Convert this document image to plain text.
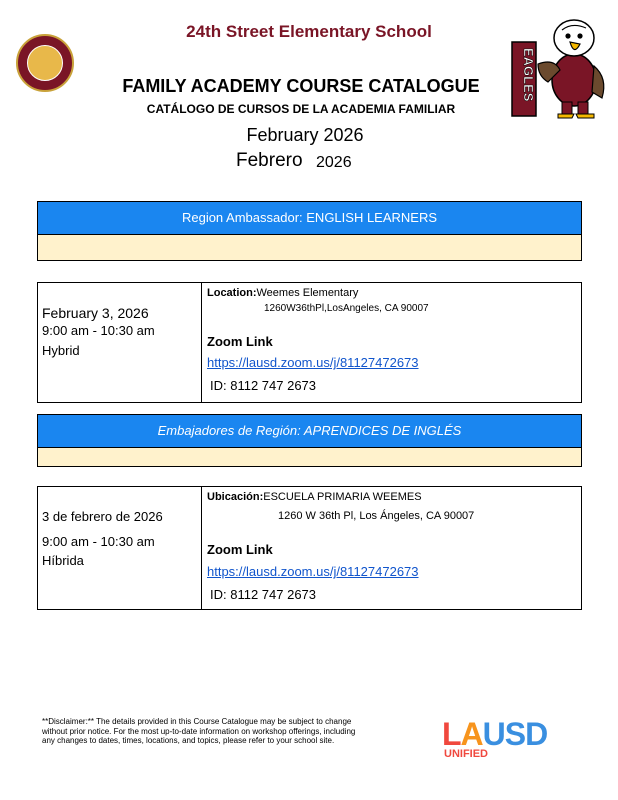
24th Street Elementary School
FAMILY ACADEMY COURSE CATALOGUE
CATÁLOGO DE CURSOS DE LA ACADEMIA FAMILIAR
February 2026
Febrero 2026
EAGLES
Region Ambassador: ENGLISH LEARNERS
February 3, 2026
9:00 am - 10:30 am
Hybrid
Location:Weemes Elementary
1260W36thPl,LosAngeles, CA 90007
Zoom Link
https://lausd.zoom.us/j/81127472673
ID: 8112 747 2673
Embajadores de Región: APRENDICES DE INGLÉS
3 de febrero de 2026
9:00 am - 10:30 am
Híbrida
Ubicación:ESCUELA PRIMARIA WEEMES
1260 W 36th Pl, Los Ángeles, CA 90007
Zoom Link
https://lausd.zoom.us/j/81127472673
ID: 8112 747 2673
**Disclaimer:** The details provided in this Course Catalogue may be subject to change
without prior notice. For the most up-to-date information on workshop offerings, including
any changes to dates, times, locations, and topics, please refer to your school site.	LAUSD
UNIFIED
